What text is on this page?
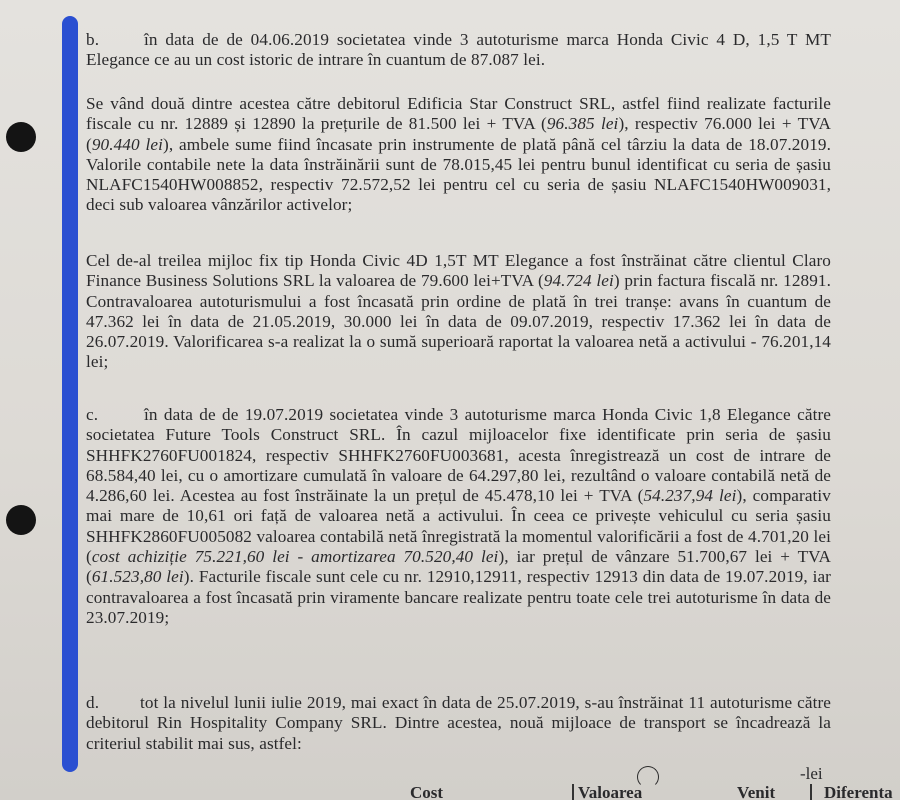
b.	în data de de 04.06.2019 societatea vinde 3 autoturisme marca Honda Civic 4 D, 1,5 T MT Elegance ce au un cost istoric de intrare în cuantum de 87.087 lei.

Se vând două dintre acestea către debitorul Edificia Star Construct SRL, astfel fiind realizate facturile fiscale cu nr. 12889 și 12890 la prețurile de 81.500 lei + TVA (96.385 lei), respectiv 76.000 lei + TVA (90.440 lei), ambele sume fiind încasate prin instrumente de plată până cel târziu la data de 18.07.2019. Valorile contabile nete la data înstrăinării sunt de 78.015,45 lei pentru bunul identificat cu seria de șasiu NLAFC1540HW008852, respectiv 72.572,52 lei pentru cel cu seria de șasiu NLAFC1540HW009031, deci sub valoarea vânzărilor activelor;

Cel de-al treilea mijloc fix tip Honda Civic 4D 1,5T MT Elegance a fost înstrăinat către clientul Claro Finance Business Solutions SRL la valoarea de 79.600 lei+TVA (94.724 lei) prin factura fiscală nr. 12891. Contravaloarea autoturismului a fost încasată prin ordine de plată în trei tranșe: avans în cuantum de 47.362 lei în data de 21.05.2019, 30.000 lei în data de 09.07.2019, respectiv 17.362 lei în data de 26.07.2019. Valorificarea s-a realizat la o sumă superioară raportat la valoarea netă a activului - 76.201,14 lei;

c.	în data de de 19.07.2019 societatea vinde 3 autoturisme marca Honda Civic 1,8 Elegance către societatea Future Tools Construct SRL. În cazul mijloacelor fixe identificate prin seria de șasiu SHHFK2760FU001824, respectiv SHHFK2760FU003681, acesta înregistrează un cost de intrare de 68.584,40 lei, cu o amortizare cumulată în valoare de 64.297,80 lei, rezultând o valoare contabilă netă de 4.286,60 lei. Acestea au fost înstrăinate la un prețul de 45.478,10 lei + TVA (54.237,94 lei), comparativ mai mare de 10,61 ori față de valoarea netă a activului. În ceea ce privește vehiculul cu seria șasiu SHHFK2860FU005082 valoarea contabilă netă înregistrată la momentul valorificării a fost de 4.701,20 lei (cost achiziție 75.221,60 lei - amortizarea 70.520,40 lei), iar prețul de vânzare 51.700,67 lei + TVA (61.523,80 lei). Facturile fiscale sunt cele cu nr. 12910,12911, respectiv 12913 din data de 19.07.2019, iar contravaloarea a fost încasată prin viramente bancare realizate pentru toate cele trei autoturisme în data de 23.07.2019;

d. tot la nivelul lunii iulie 2019, mai exact în data de 25.07.2019, s-au înstrăinat 11 autoturisme către debitorul Rin Hospitality Company SRL. Dintre acestea, nouă mijloace de transport se încadrează la criteriul stabilit mai sus, astfel:

-lei
Cost	Valoarea	Venit	Diferenta
